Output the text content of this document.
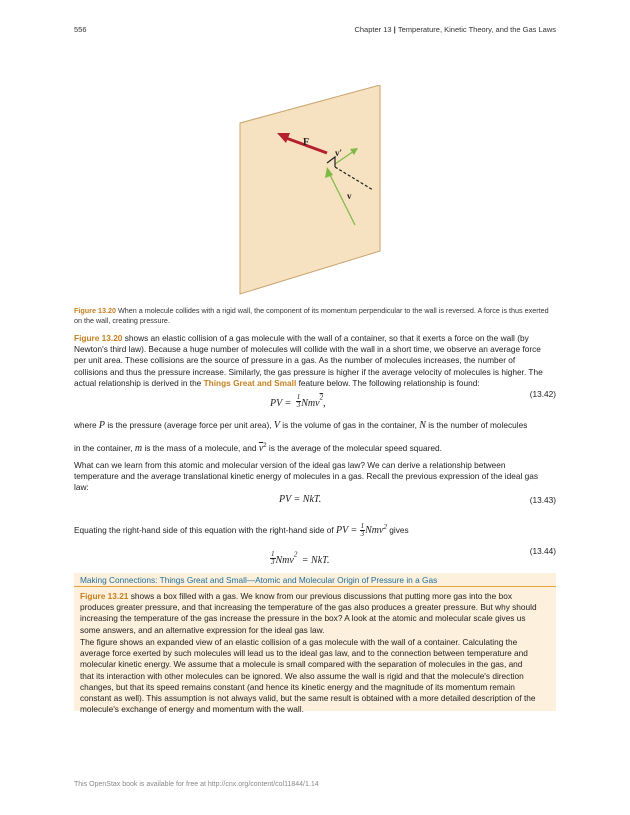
556	Chapter 13 | Temperature, Kinetic Theory, and the Gas Laws
F
v′
v
Figure 13.20 When a molecule collides with a rigid wall, the component of its momentum perpendicular to the wall is reversed. A force is thus exerted on the wall, creating pressure.
Figure 13.20 shows an elastic collision of a gas molecule with the wall of a container, so that it exerts a force on the wall (by
Newton's third law). Because a huge number of molecules will collide with the wall in a short time, we observe an average force
per unit area. These collisions are the source of pressure in a gas. As the number of molecules increases, the number of
collisions and thus the pressure increase. Similarly, the gas pressure is higher if the average velocity of molecules is higher. The
actual relationship is derived in the Things Great and Small feature below. The following relationship is found:
PV = $\frac{1}{3} Nmv^2$,
(13.42)
where P is the pressure (average force per unit area), V is the volume of gas in the container, N is the number of molecules
in the container, m is the mass of a molecule, and $\overline{v}^2$ is the average of the molecular speed squared.
What can we learn from this atomic and molecular version of the ideal gas law? We can derive a relationship between
temperature and the average translational kinetic energy of molecules in a gas. Recall the previous expression of the ideal gas
law:
PV = NkT.	(13.43)
Equating the right-hand side of this equation with the right-hand side of PV = $\frac{1}{3} Nmv^2$ gives
$\frac{1}{3} Nmv^2$ = NkT.
(13.44)
Making Connections: Things Great and Small—Atomic and Molecular Origin of Pressure in a Gas
Figure 13.21 shows a box filled with a gas. We know from our previous discussions that putting more gas into the box
produces greater pressure, and that increasing the temperature of the gas also produces a greater pressure. But why should
increasing the temperature of the gas increase the pressure in the box? A look at the atomic and molecular scale gives us
some answers, and an alternative expression for the ideal gas law.
The figure shows an expanded view of an elastic collision of a gas molecule with the wall of a container. Calculating the
average force exerted by such molecules will lead us to the ideal gas law, and to the connection between temperature and
molecular kinetic energy. We assume that a molecule is small compared with the separation of molecules in the gas, and
that its interaction with other molecules can be ignored. We also assume the wall is rigid and that the molecule's direction
changes, but that its speed remains constant (and hence its kinetic energy and the magnitude of its momentum remain
constant as well). This assumption is not always valid, but the same result is obtained with a more detailed description of the
molecule's exchange of energy and momentum with the wall.
This OpenStax book is available for free at http://cnx.org/content/col11844/1.14
